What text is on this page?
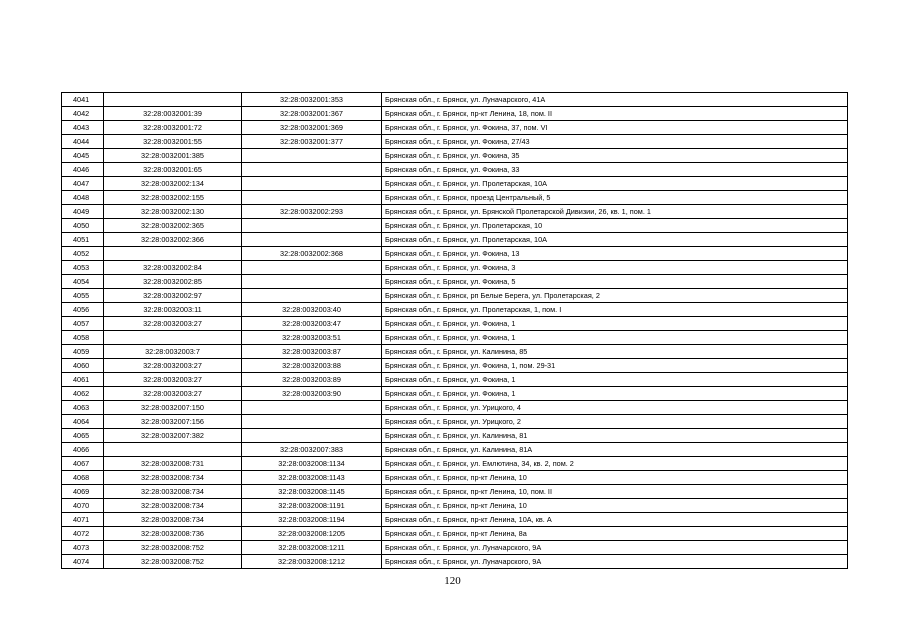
4041		32:28:0032001:353	Брянская обл., г. Брянск, ул. Луначарского, 41А
4042	32:28:0032001:39	32:28:0032001:367	Брянская обл., г. Брянск, пр-кт Ленина, 18, пом. II
4043	32:28:0032001:72	32:28:0032001:369	Брянская обл., г. Брянск, ул. Фокина, 37, пом. VI
4044	32:28:0032001:55	32:28:0032001:377	Брянская обл., г. Брянск, ул. Фокина, 27/43
4045	32:28:0032001:385		Брянская обл., г. Брянск, ул. Фокина, 35
4046	32:28:0032001:65		Брянская обл., г. Брянск, ул. Фокина, 33
4047	32:28:0032002:134		Брянская обл., г. Брянск, ул. Пролетарская, 10А
4048	32:28:0032002:155		Брянская обл., г. Брянск, проезд Центральный, 5
4049	32:28:0032002:130	32:28:0032002:293	Брянская обл., г. Брянск, ул. Брянской Пролетарской Дивизии, 26, кв. 1, пом. 1
4050	32:28:0032002:365		Брянская обл., г. Брянск, ул. Пролетарская, 10
4051	32:28:0032002:366		Брянская обл., г. Брянск, ул. Пролетарская, 10А
4052		32:28:0032002:368	Брянская обл., г. Брянск, ул. Фокина, 13
4053	32:28:0032002:84		Брянская обл., г. Брянск, ул. Фокина, 3
4054	32:28:0032002:85		Брянская обл., г. Брянск, ул. Фокина, 5
4055	32:28:0032002:97		Брянская обл., г. Брянск, рп Белые Берега, ул. Пролетарская, 2
4056	32:28:0032003:11	32:28:0032003:40	Брянская обл., г. Брянск, ул. Пролетарская, 1, пом. I
4057	32:28:0032003:27	32:28:0032003:47	Брянская обл., г. Брянск, ул. Фокина, 1
4058		32:28:0032003:51	Брянская обл., г. Брянск, ул. Фокина, 1
4059	32:28:0032003:7	32:28:0032003:87	Брянская обл., г. Брянск, ул. Калинина, 85
4060	32:28:0032003:27	32:28:0032003:88	Брянская обл., г. Брянск, ул. Фокина, 1, пом. 29-31
4061	32:28:0032003:27	32:28:0032003:89	Брянская обл., г. Брянск, ул. Фокина, 1
4062	32:28:0032003:27	32:28:0032003:90	Брянская обл., г. Брянск, ул. Фокина, 1
4063	32:28:0032007:150		Брянская обл., г. Брянск, ул. Урицкого, 4
4064	32:28:0032007:156		Брянская обл., г. Брянск, ул. Урицкого, 2
4065	32:28:0032007:382		Брянская обл., г. Брянск, ул. Калинина, 81
4066		32:28:0032007:383	Брянская обл., г. Брянск, ул. Калинина, 81А
4067	32:28:0032008:731	32:28:0032008:1134	Брянская обл., г. Брянск, ул. Емлютина, 34, кв. 2, пом. 2
4068	32:28:0032008:734	32:28:0032008:1143	Брянская обл., г. Брянск, пр-кт Ленина, 10
4069	32:28:0032008:734	32:28:0032008:1145	Брянская обл., г. Брянск, пр-кт Ленина, 10, пом. II
4070	32:28:0032008:734	32:28:0032008:1191	Брянская обл., г. Брянск, пр-кт Ленина, 10
4071	32:28:0032008:734	32:28:0032008:1194	Брянская обл., г. Брянск, пр-кт Ленина, 10А, кв. А
4072	32:28:0032008:736	32:28:0032008:1205	Брянская обл., г. Брянск, пр-кт Ленина, 8а
4073	32:28:0032008:752	32:28:0032008:1211	Брянская обл., г. Брянск, ул. Луначарского, 9А
4074	32:28:0032008:752	32:28:0032008:1212	Брянская обл., г. Брянск, ул. Луначарского, 9А
120
